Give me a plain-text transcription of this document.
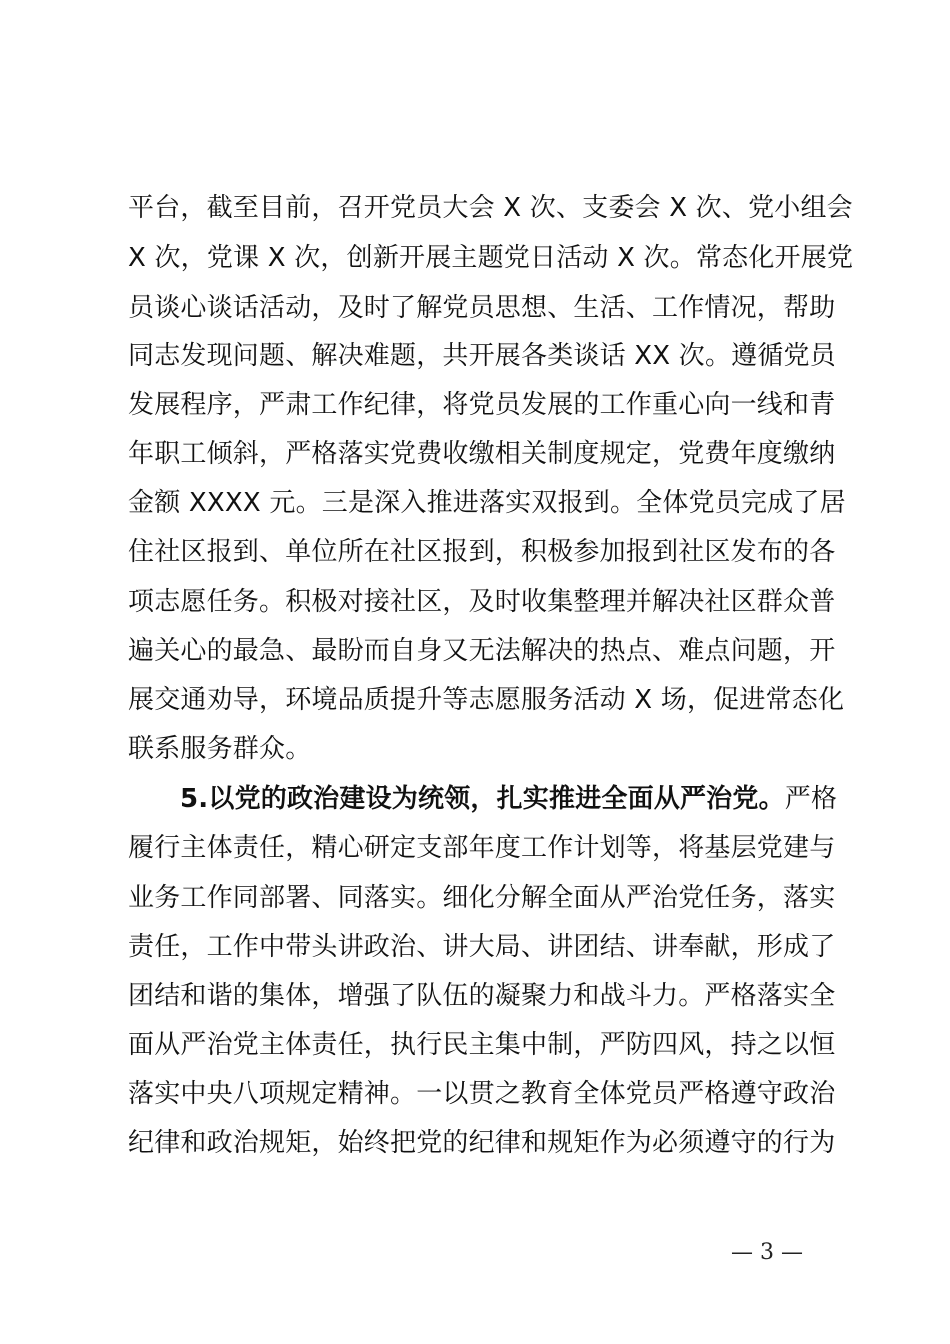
平台，截至目前，召开党员大会 X 次、支委会 X 次、党小组会
X 次，党课 X 次，创新开展主题党日活动 X 次。常态化开展党
员谈心谈话活动，及时了解党员思想、生活、工作情况，帮助
同志发现问题、解决难题，共开展各类谈话 XX 次。遵循党员
发展程序，严肃工作纪律，将党员发展的工作重心向一线和青
年职工倾斜，严格落实党费收缴相关制度规定，党费年度缴纳
金额 XXXX 元。三是深入推进落实双报到。全体党员完成了居
住社区报到、单位所在社区报到，积极参加报到社区发布的各
项志愿任务。积极对接社区，及时收集整理并解决社区群众普
遍关心的最急、最盼而自身又无法解决的热点、难点问题，开
展交通劝导，环境品质提升等志愿服务活动 X 场，促进常态化
联系服务群众。
5.以党的政治建设为统领，扎实推进全面从严治党。严格
履行主体责任，精心研定支部年度工作计划等，将基层党建与
业务工作同部署、同落实。细化分解全面从严治党任务，落实
责任，工作中带头讲政治、讲大局、讲团结、讲奉献，形成了
团结和谐的集体，增强了队伍的凝聚力和战斗力。严格落实全
面从严治党主体责任，执行民主集中制，严防四风，持之以恒
落实中央八项规定精神。一以贯之教育全体党员严格遵守政治
纪律和政治规矩，始终把党的纪律和规矩作为必须遵守的行为
— 3 —
